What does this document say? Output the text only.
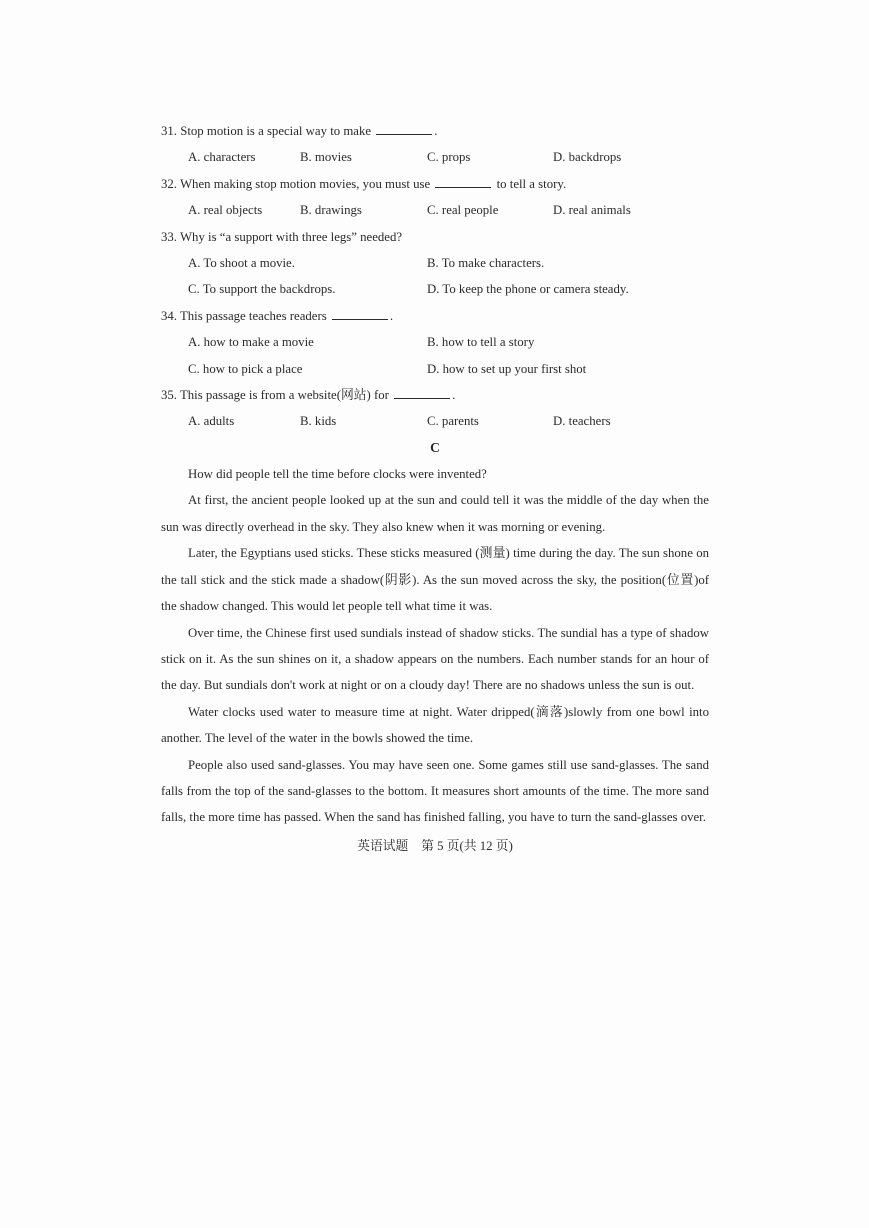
31. Stop motion is a special way to make	.
A. characters	B. movies	C. props	D. backdrops
32. When making stop motion movies, you must use	to tell a story.
A. real objects	B. drawings	C. real people	D. real animals
33. Why is “a support with three legs” needed?
A. To shoot a movie.	B. To make characters.
C. To support the backdrops.	D. To keep the phone or camera steady.
34. This passage teaches readers	.
A. how to make a movie	B. how to tell a story
C. how to pick a place	D. how to set up your first shot
35. This passage is from a website(网站) for	.
A. adults	B. kids	C. parents	D. teachers
C

How did people tell the time before clocks were invented?

At first, the ancient people looked up at the sun and could tell it was the middle of the day when the sun was directly overhead in the sky. They also knew when it was morning or evening.

Later, the Egyptians used sticks. These sticks measured (测量) time during the day. The sun shone on the tall stick and the stick made a shadow(阴影). As the sun moved across the sky, the position(位置)of the shadow changed. This would let people tell what time it was.

Over time, the Chinese first used sundials instead of shadow sticks. The sundial has a type of shadow stick on it. As the sun shines on it, a shadow appears on the numbers. Each number stands for an hour of the day. But sundials don't work at night or on a cloudy day! There are no shadows unless the sun is out.

Water clocks used water to measure time at night. Water dripped(滴落)slowly from one bowl into another. The level of the water in the bowls showed the time.

People also used sand-glasses. You may have seen one. Some games still use sand-glasses. The sand falls from the top of the sand-glasses to the bottom. It measures short amounts of the time. The more sand falls, the more time has passed. When the sand has finished falling, you have to turn the sand-glasses over.

英语试题　第 5 页(共 12 页)
